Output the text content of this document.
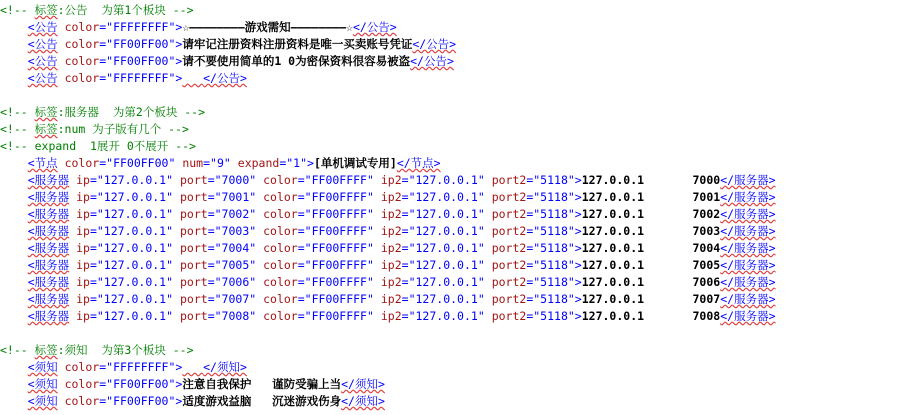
<!-- 标签:公告  为第1个板块 -->
<公告 color="FFFFFFFF">☆————————游戏需知————————☆</公告>
<公告 color="FF00FF00">请牢记注册资料注册资料是唯一买卖账号凭证</公告>
<公告 color="FF00FF00">请不要使用简单的1 0为密保资料很容易被盗</公告>
<公告 color="FFFFFFFF"> </公告>
<!-- 标签:服务器  为第2个板块 -->
<!-- 标签:num 为子版有几个 -->
<!-- expand  1展开 0不展开 -->
<节点 color="FF00FF00" num="9" expand="1">[单机调试专用]</节点>
<服务器 ip="127.0.0.1" port="7000" color="FF00FFFF" ip2="127.0.0.1" port2="5118">127.0.0.1       7000</服务器>
<服务器 ip="127.0.0.1" port="7001" color="FF00FFFF" ip2="127.0.0.1" port2="5118">127.0.0.1       7001</服务器>
<服务器 ip="127.0.0.1" port="7002" color="FF00FFFF" ip2="127.0.0.1" port2="5118">127.0.0.1       7002</服务器>
<服务器 ip="127.0.0.1" port="7003" color="FF00FFFF" ip2="127.0.0.1" port2="5118">127.0.0.1       7003</服务器>
<服务器 ip="127.0.0.1" port="7004" color="FF00FFFF" ip2="127.0.0.1" port2="5118">127.0.0.1       7004</服务器>
<服务器 ip="127.0.0.1" port="7005" color="FF00FFFF" ip2="127.0.0.1" port2="5118">127.0.0.1       7005</服务器>
<服务器 ip="127.0.0.1" port="7006" color="FF00FFFF" ip2="127.0.0.1" port2="5118">127.0.0.1       7006</服务器>
<服务器 ip="127.0.0.1" port="7007" color="FF00FFFF" ip2="127.0.0.1" port2="5118">127.0.0.1       7007</服务器>
<服务器 ip="127.0.0.1" port="7008" color="FF00FFFF" ip2="127.0.0.1" port2="5118">127.0.0.1       7008</服务器>
<!-- 标签:须知  为第3个板块 -->
<须知 color="FFFFFFFF"> </须知>
<须知 color="FF00FF00">注意自我保护   谨防受骗上当</须知>
<须知 color="FF00FF00">适度游戏益脑   沉迷游戏伤身</须知>
